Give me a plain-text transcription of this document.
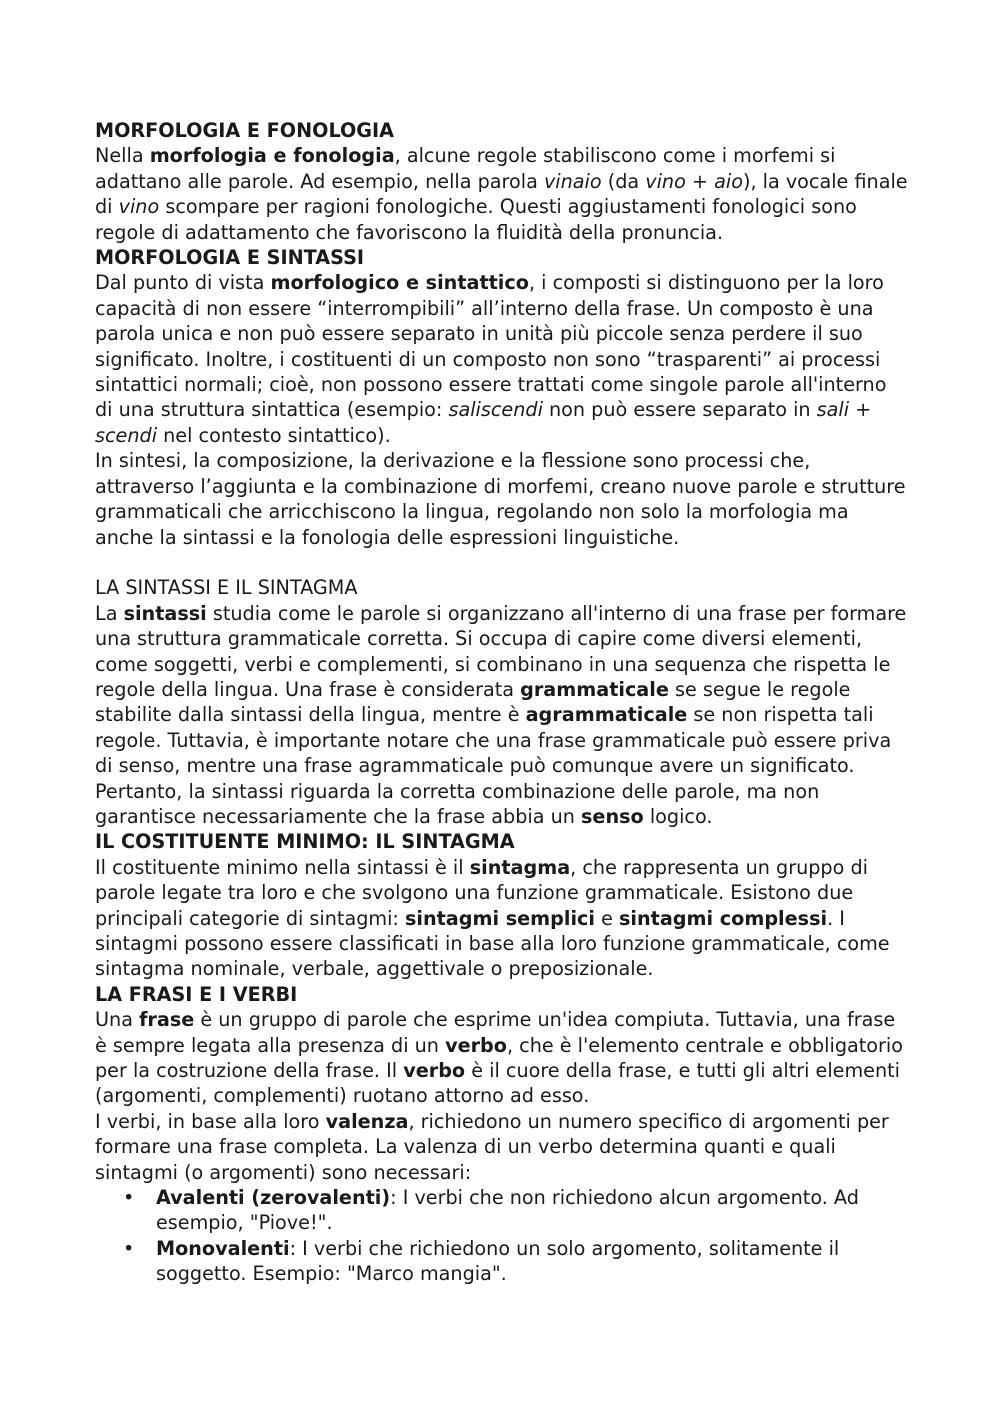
MORFOLOGIA E FONOLOGIA

Nella morfologia e fonologia, alcune regole stabiliscono come i morfemi si adattano alle parole. Ad esempio, nella parola vinaio (da vino + aio), la vocale finale di vino scompare per ragioni fonologiche. Questi aggiustamenti fonologici sono regole di adattamento che favoriscono la fluidità della pronuncia.

MORFOLOGIA E SINTASSI

Dal punto di vista morfologico e sintattico, i composti si distinguono per la loro capacità di non essere “interrompibili” all’interno della frase. Un composto è una parola unica e non può essere separato in unità più piccole senza perdere il suo significato. Inoltre, i costituenti di un composto non sono “trasparenti” ai processi sintattici normali; cioè, non possono essere trattati come singole parole all'interno di una struttura sintattica (esempio: saliscendi non può essere separato in sali + scendi nel contesto sintattico).

In sintesi, la composizione, la derivazione e la flessione sono processi che, attraverso l’aggiunta e la combinazione di morfemi, creano nuove parole e strutture grammaticali che arricchiscono la lingua, regolando non solo la morfologia ma anche la sintassi e la fonologia delle espressioni linguistiche.

LA SINTASSI E IL SINTAGMA

La sintassi studia come le parole si organizzano all'interno di una frase per formare una struttura grammaticale corretta. Si occupa di capire come diversi elementi, come soggetti, verbi e complementi, si combinano in una sequenza che rispetta le regole della lingua. Una frase è considerata grammaticale se segue le regole stabilite dalla sintassi della lingua, mentre è agrammaticale se non rispetta tali regole. Tuttavia, è importante notare che una frase grammaticale può essere priva di senso, mentre una frase agrammaticale può comunque avere un significato. Pertanto, la sintassi riguarda la corretta combinazione delle parole, ma non garantisce necessariamente che la frase abbia un senso logico.

IL COSTITUENTE MINIMO: IL SINTAGMA

Il costituente minimo nella sintassi è il sintagma, che rappresenta un gruppo di parole legate tra loro e che svolgono una funzione grammaticale. Esistono due principali categorie di sintagmi: sintagmi semplici e sintagmi complessi. I sintagmi possono essere classificati in base alla loro funzione grammaticale, come sintagma nominale, verbale, aggettivale o preposizionale.

LA FRASI E I VERBI

Una frase è un gruppo di parole che esprime un'idea compiuta. Tuttavia, una frase è sempre legata alla presenza di un verbo, che è l'elemento centrale e obbligatorio per la costruzione della frase. Il verbo è il cuore della frase, e tutti gli altri elementi (argomenti, complementi) ruotano attorno ad esso.

I verbi, in base alla loro valenza, richiedono un numero specifico di argomenti per formare una frase completa. La valenza di un verbo determina quanti e quali sintagmi (o argomenti) sono necessari:

• Avalenti (zerovalenti): I verbi che non richiedono alcun argomento. Ad esempio, "Piove!".
• Monovalenti: I verbi che richiedono un solo argomento, solitamente il soggetto. Esempio: "Marco mangia".
